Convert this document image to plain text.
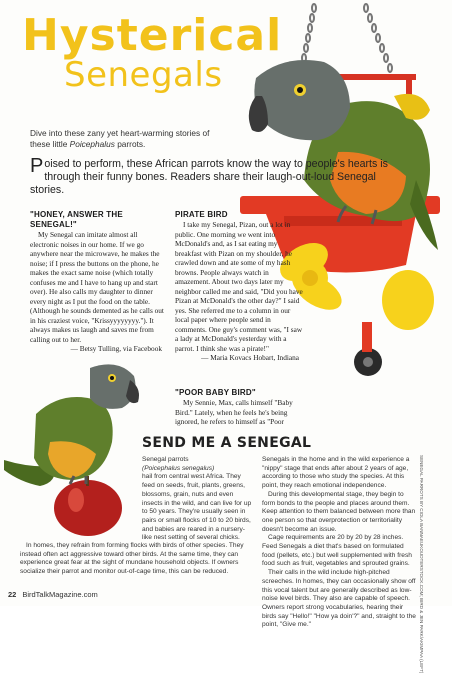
Hysterical
Senegals
Dive into these zany yet heart-warming stories of these little Poicephalus parrots.
Poised to perform, these African parrots know the way to people's hearts is through their funny bones. Readers share their laugh-out-loud Senegal stories.
"HONEY, ANSWER THE SENEGAL!"

My Senegal can imitate almost all electronic noises in our home. If we go anywhere near the microwave, he makes the noise; if I press the buttons on the phone, he makes the exact same noise (which totally confuses me and I have to hang up and start over). He also calls my daughter to dinner every night as I put the food on the table. (Although he sounds demented as he calls out in his craziest voice, "Krissyyyyyyyy."). It always makes us laugh and saves me from calling out to her.

— Betsy Tulling, via Facebook

PIRATE BIRD

I take my Senegal, Pizan, out a lot in public. One morning we went into McDonald's and, as I sat eating my breakfast with Pizan on my shoulder, he crawled down and ate some of my hash browns. People always watch in amazement. About two days later my neighbor called me and said, "Did you have Pizan at McDonald's the other day?" I said yes. She referred me to a column in our local paper where people send in comments. One guy's comment was, "I saw a lady at McDonald's yesterday with a parrot. I think she was a pirate!"

— Maria Kovacs Hobart, Indiana

"POOR BABY BIRD"

My Sennie, Max, calls himself "Baby Bird." Lately, when he feels he's being ignored, he refers to himself as "Poor

SEND ME A SENEGAL

Senegal parrots

(Poicephalus senegalus)

hail from central west Africa. They feed on seeds, fruit, plants, greens, blossoms, grain, nuts and even insects in the wild, and can live for up to 50 years. They're usually seen in pairs or small flocks of 10 to 20 birds, and babies are reared in a nursery-like nest setting of several chicks.

In homes, they refrain from forming flocks with birds of other species. They instead often act aggressive toward other birds. At the same time, they can experience great fear at the sight of mundane household objects. If owners socialize their parrot and monitor out-of-cage time, this can be reduced.

Senegals in the home and in the wild experience a "nippy" stage that ends after about 2 years of age, according to those who study the species. At this point, they reach emotional independence.

During this developmental stage, they begin to form bonds to the people and places around them. Keep attention to them balanced between more than one person so that overprotection or territoriality doesn't become an issue.

Cage requirements are 20 by 20 by 28 inches. Feed Senegals a diet that's based on formulated food (pellets, etc.) but well supplemented with fresh food such as fruit, vegetables and sprouted grains.

Their calls in the wild include high-pitched screeches. In homes, they can occasionally show off this vocal talent but are generally described as low-noise level birds. They also are capable of speech. Owners report strong vocabularies, hearing their birds say "Hello!" "How ya doin'?" and, straight to the point, "Give me."	SENEGAL PARROTS BY CIOLA BANNAEUKOUDTERSTOCK.COM; BIRD & JEN PARK/AKIMPAA (LEFT)
22 BirdTalkMagazine.com
